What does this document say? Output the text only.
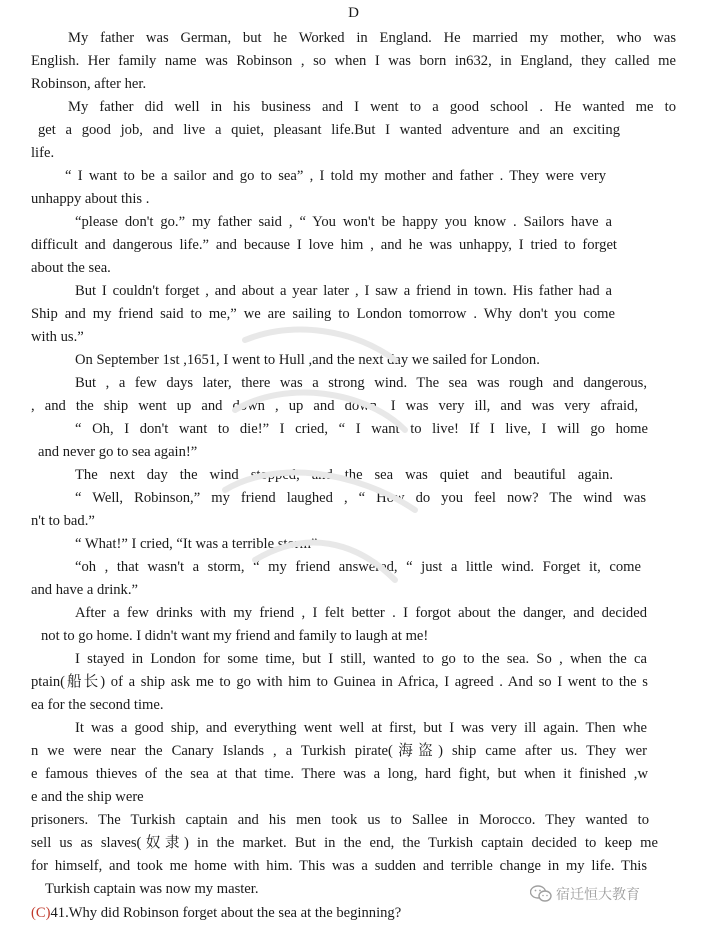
D
My father was German, but he Worked in England. He married my mother, who was
English. Her family name was Robinson , so when I was born in632, in England, they called me
Robinson, after her.
My father did well in his business and I went to a good school . He wanted me to
get a good job, and live a quiet, pleasant life.But I wanted adventure and an exciting
life.
“ I want to be a sailor and go to sea” , I told my mother and father . They were very
unhappy about this .
“please don't go.” my father said , “ You won't be happy you know . Sailors have a
difficult and dangerous life.” and because I love him , and he was unhappy, I tried to forget
about the sea.
But I couldn't forget , and about a year later , I saw a friend in town. His father had a
Ship and my friend said to me,” we are sailing to London tomorrow . Why don't you come
with us.”
On September 1st ,1651, I went to Hull ,and the next day we sailed for London.
But , a few days later, there was a strong wind. The sea was rough and dangerous,
, and the ship went up and down , up and down. I was very ill, and was very afraid,
“ Oh, I don't want to die!” I cried, “ I want to live! If I live, I will go home
and never go to sea again!”
The next day the wind stopped, and the sea was quiet and beautiful again.
“ Well, Robinson,” my friend laughed , “ How do you feel now? The wind was
n't to bad.”
“ What!” I cried, “It was a terrible storm”
“oh , that wasn't a storm, “ my friend answered, “ just a little wind. Forget it, come
and have a drink.”
After a few drinks with my friend , I felt better . I forgot about the danger, and decided
not to go home. I didn't want my friend and family to laugh at me!
I stayed in London for some time, but I still, wanted to go to the sea. So , when the ca
ptain(船长) of a ship ask me to go with him to Guinea in Africa, I agreed . And so I went to the s
ea for the second time.
It was a good ship, and everything went well at first, but I was very ill again. Then whe
n we were near the Canary Islands , a Turkish pirate(海盗) ship came after us. They wer
e famous thieves of the sea at that time. There was a long, hard fight, but when it finished ,w
e and the ship were
prisoners. The Turkish captain and his men took us to Sallee in Morocco. They wanted to
sell us as slaves(奴隶) in the market. But in the end, the Turkish captain decided to keep me
for himself, and took me home with him. This was a sudden and terrible change in my life. This
Turkish captain was now my master.
(C)41.Why did Robinson forget about the sea at the beginning?
宿迁恒大教育
